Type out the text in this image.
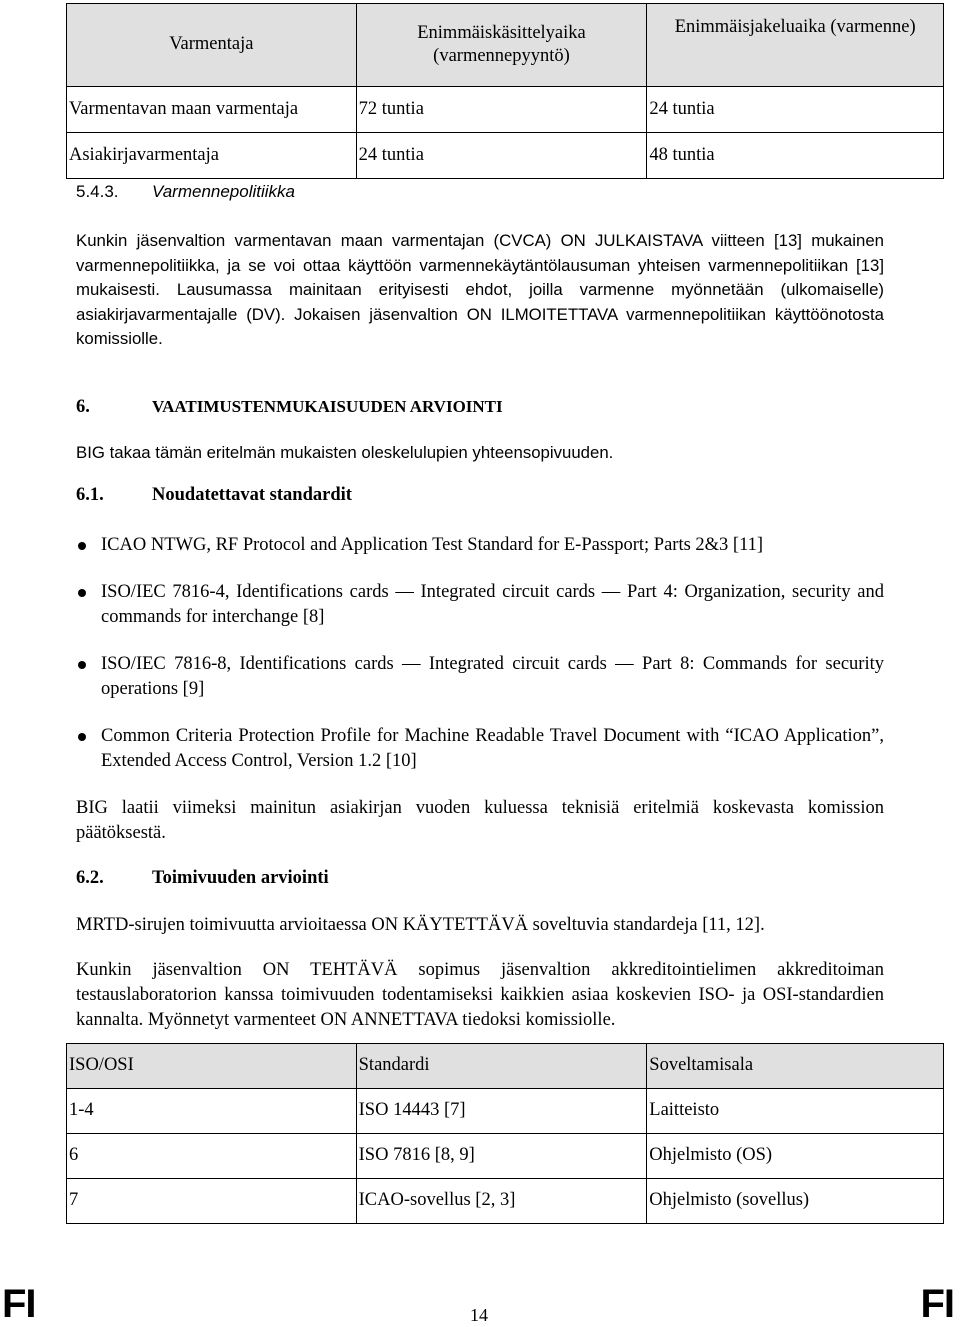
Varmentaja	Enimmäiskäsittelyaika (varmennepyyntö)	Enimmäisjakeluaika (varmenne)
Varmentavan maan varmentaja	72 tuntia	24 tuntia
Asiakirjavarmentaja	24 tuntia	48 tuntia
5.4.3. Varmennepolitiikka
Kunkin jäsenvaltion varmentavan maan varmentajan (CVCA) ON JULKAISTAVA viitteen [13] mukainen varmennepolitiikka, ja se voi ottaa käyttöön varmennekäytäntölausuman yhteisen varmennepolitiikan [13] mukaisesti. Lausumassa mainitaan erityisesti ehdot, joilla varmenne myönnetään (ulkomaiselle) asiakirjavarmentajalle (DV). Jokaisen jäsenvaltion ON ILMOITETTAVA varmennepolitiikan käyttöönotosta komissiolle.
6.	VAATIMUSTENMUKAISUUDEN ARVIOINTI
BIG takaa tämän eritelmän mukaisten oleskelulupien yhteensopivuuden.
6.1.	Noudatettavat standardit
ICAO NTWG, RF Protocol and Application Test Standard for E-Passport; Parts 2&3 [11]
ISO/IEC 7816-4, Identifications cards — Integrated circuit cards — Part 4: Organization, security and commands for interchange [8]
ISO/IEC 7816-8, Identifications cards — Integrated circuit cards — Part 8: Commands for security operations [9]
Common Criteria Protection Profile for Machine Readable Travel Document with “ICAO Application”, Extended Access Control, Version 1.2 [10]
BIG laatii viimeksi mainitun asiakirjan vuoden kuluessa teknisiä eritelmiä koskevasta komission päätöksestä.
6.2.	Toimivuuden arviointi
MRTD-sirujen toimivuutta arvioitaessa ON KÄYTETTÄVÄ soveltuvia standardeja [11, 12].
Kunkin jäsenvaltion ON TEHTÄVÄ sopimus jäsenvaltion akkreditointielimen akkreditoiman testauslaboratorion kanssa toimivuuden todentamiseksi kaikkien asiaa koskevien ISO- ja OSI-standardien kannalta. Myönnetyt varmenteet ON ANNETTAVA tiedoksi komissiolle.
ISO/OSI	Standardi	Soveltamisala
1-4	ISO 14443 [7]	Laitteisto
6	ISO 7816 [8, 9]	Ohjelmisto (OS)
7	ICAO-sovellus [2, 3]	Ohjelmisto (sovellus)
FI	14	FI
